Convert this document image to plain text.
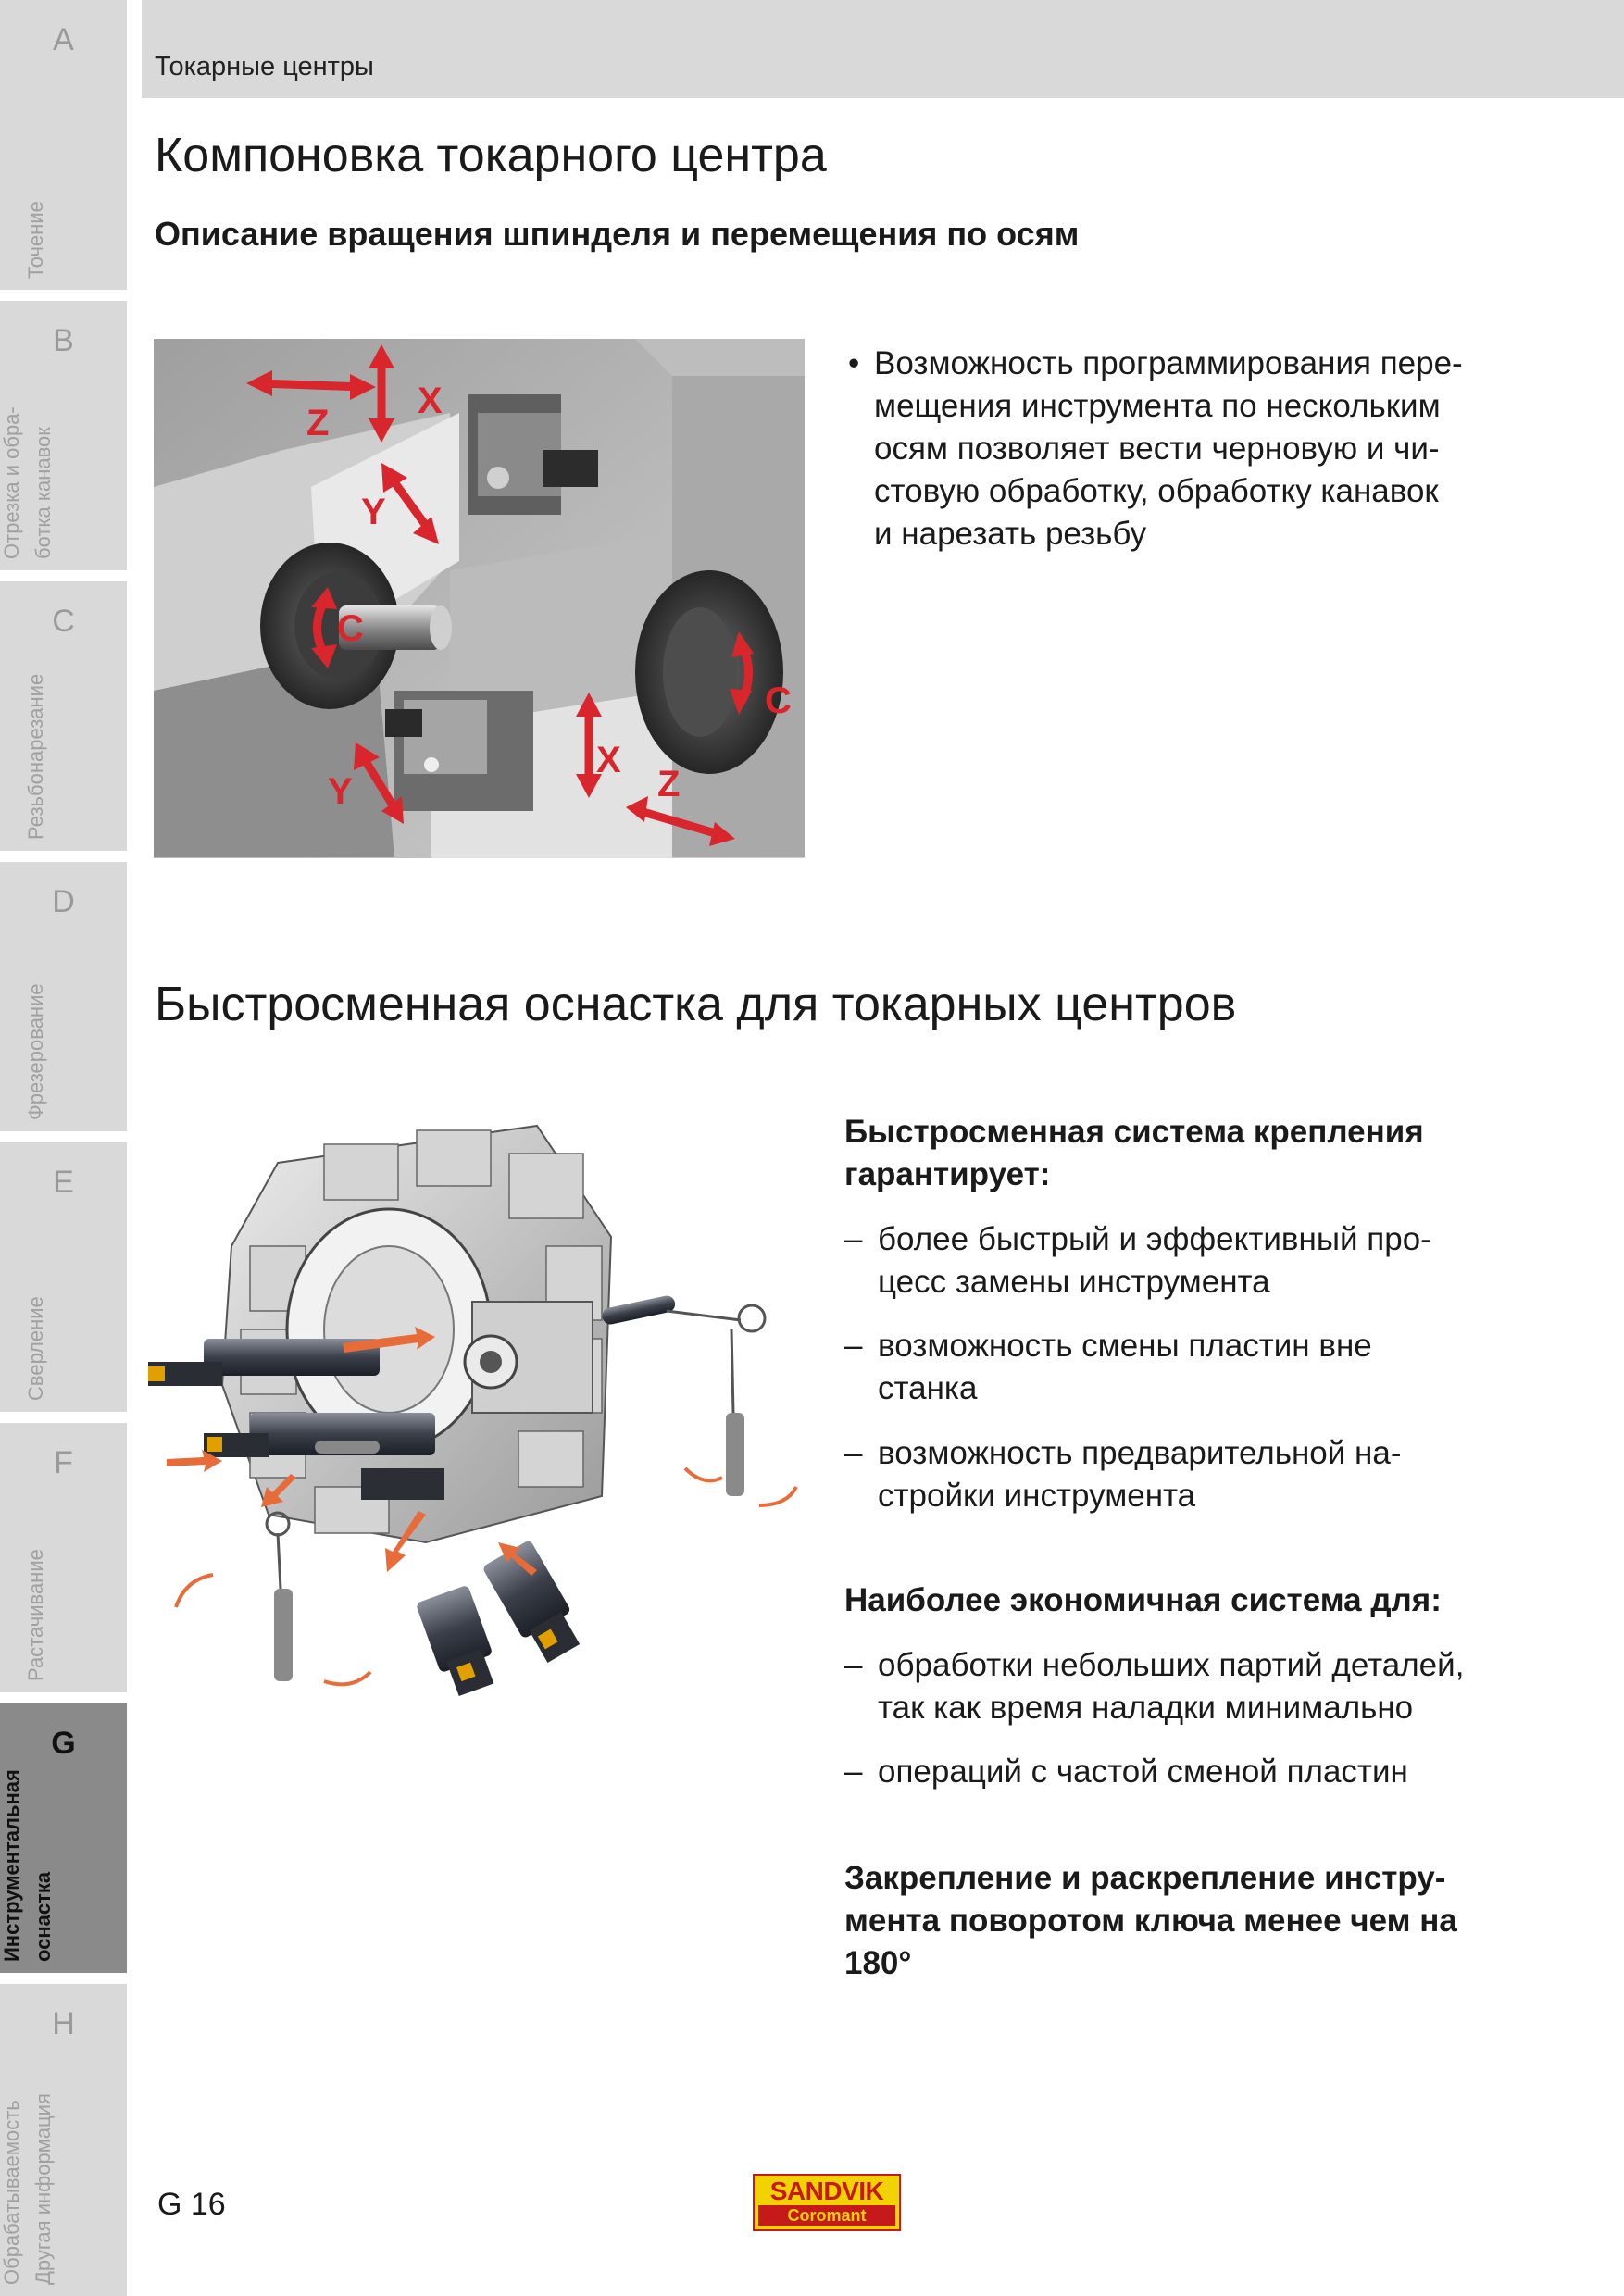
A
Точение
B
Отрезка и обра- ботка канавок
C
Резьбонарезание
D
Фрезерование
E
Сверление
F
Растачивание
G
Инструментальная оснастка
H
Обрабатываемость Другая информация
Токарные центры
Компоновка токарного центра
Описание вращения шпинделя и перемещения по осям
Z
X
Y
C
C
X
Z
Y
• Возможность программирования пере-
мещения инструмента по нескольким
осям позволяет вести черновую и чи-
стовую обработку, обработку канавок
и нарезать резьбу
Быстросменная оснастка для токарных центров
Быстросменная система крепления
гарантирует:
– более быстрый и эффективный про-
цесс замены инструмента
– возможность смены пластин вне
станка
– возможность предварительной на-
стройки инструмента
Наиболее экономичная система для:
– обработки небольших партий деталей,
так как время наладки минимально
– операций с частой сменой пластин
Закрепление и раскрепление инстру-
мента поворотом ключа менее чем на
180°
G 16	SANDVIK
Coromant
